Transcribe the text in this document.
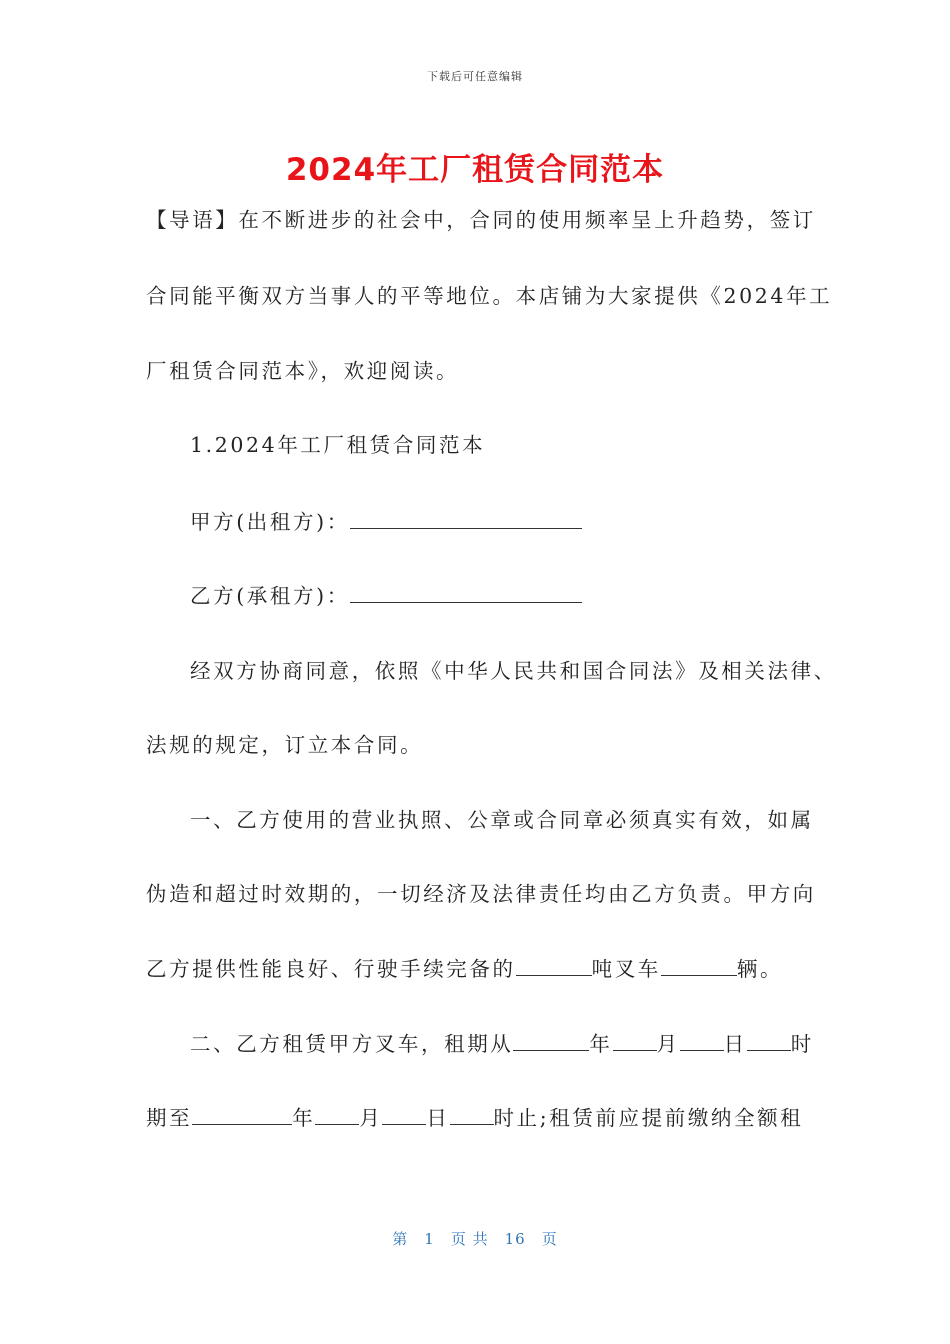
下载后可任意编辑
2024年工厂租赁合同范本
【导语】在不断进步的社会中，合同的使用频率呈上升趋势，签订
合同能平衡双方当事人的平等地位。本店铺为大家提供《2024年工
厂租赁合同范本》，欢迎阅读。
1.2024年工厂租赁合同范本
甲方(出租方)：
乙方(承租方)：
经双方协商同意，依照《中华人民共和国合同法》及相关法律、
法规的规定，订立本合同。
一、乙方使用的营业执照、公章或合同章必须真实有效，如属
伪造和超过时效期的，一切经济及法律责任均由乙方负责。甲方向
乙方提供性能良好、行驶手续完备的	吨叉车	辆。
二、乙方租赁甲方叉车，租期从	年 月 日 时
期至	年 月 日 时止;租赁前应提前缴纳全额租
第 1 页 共 16 页
